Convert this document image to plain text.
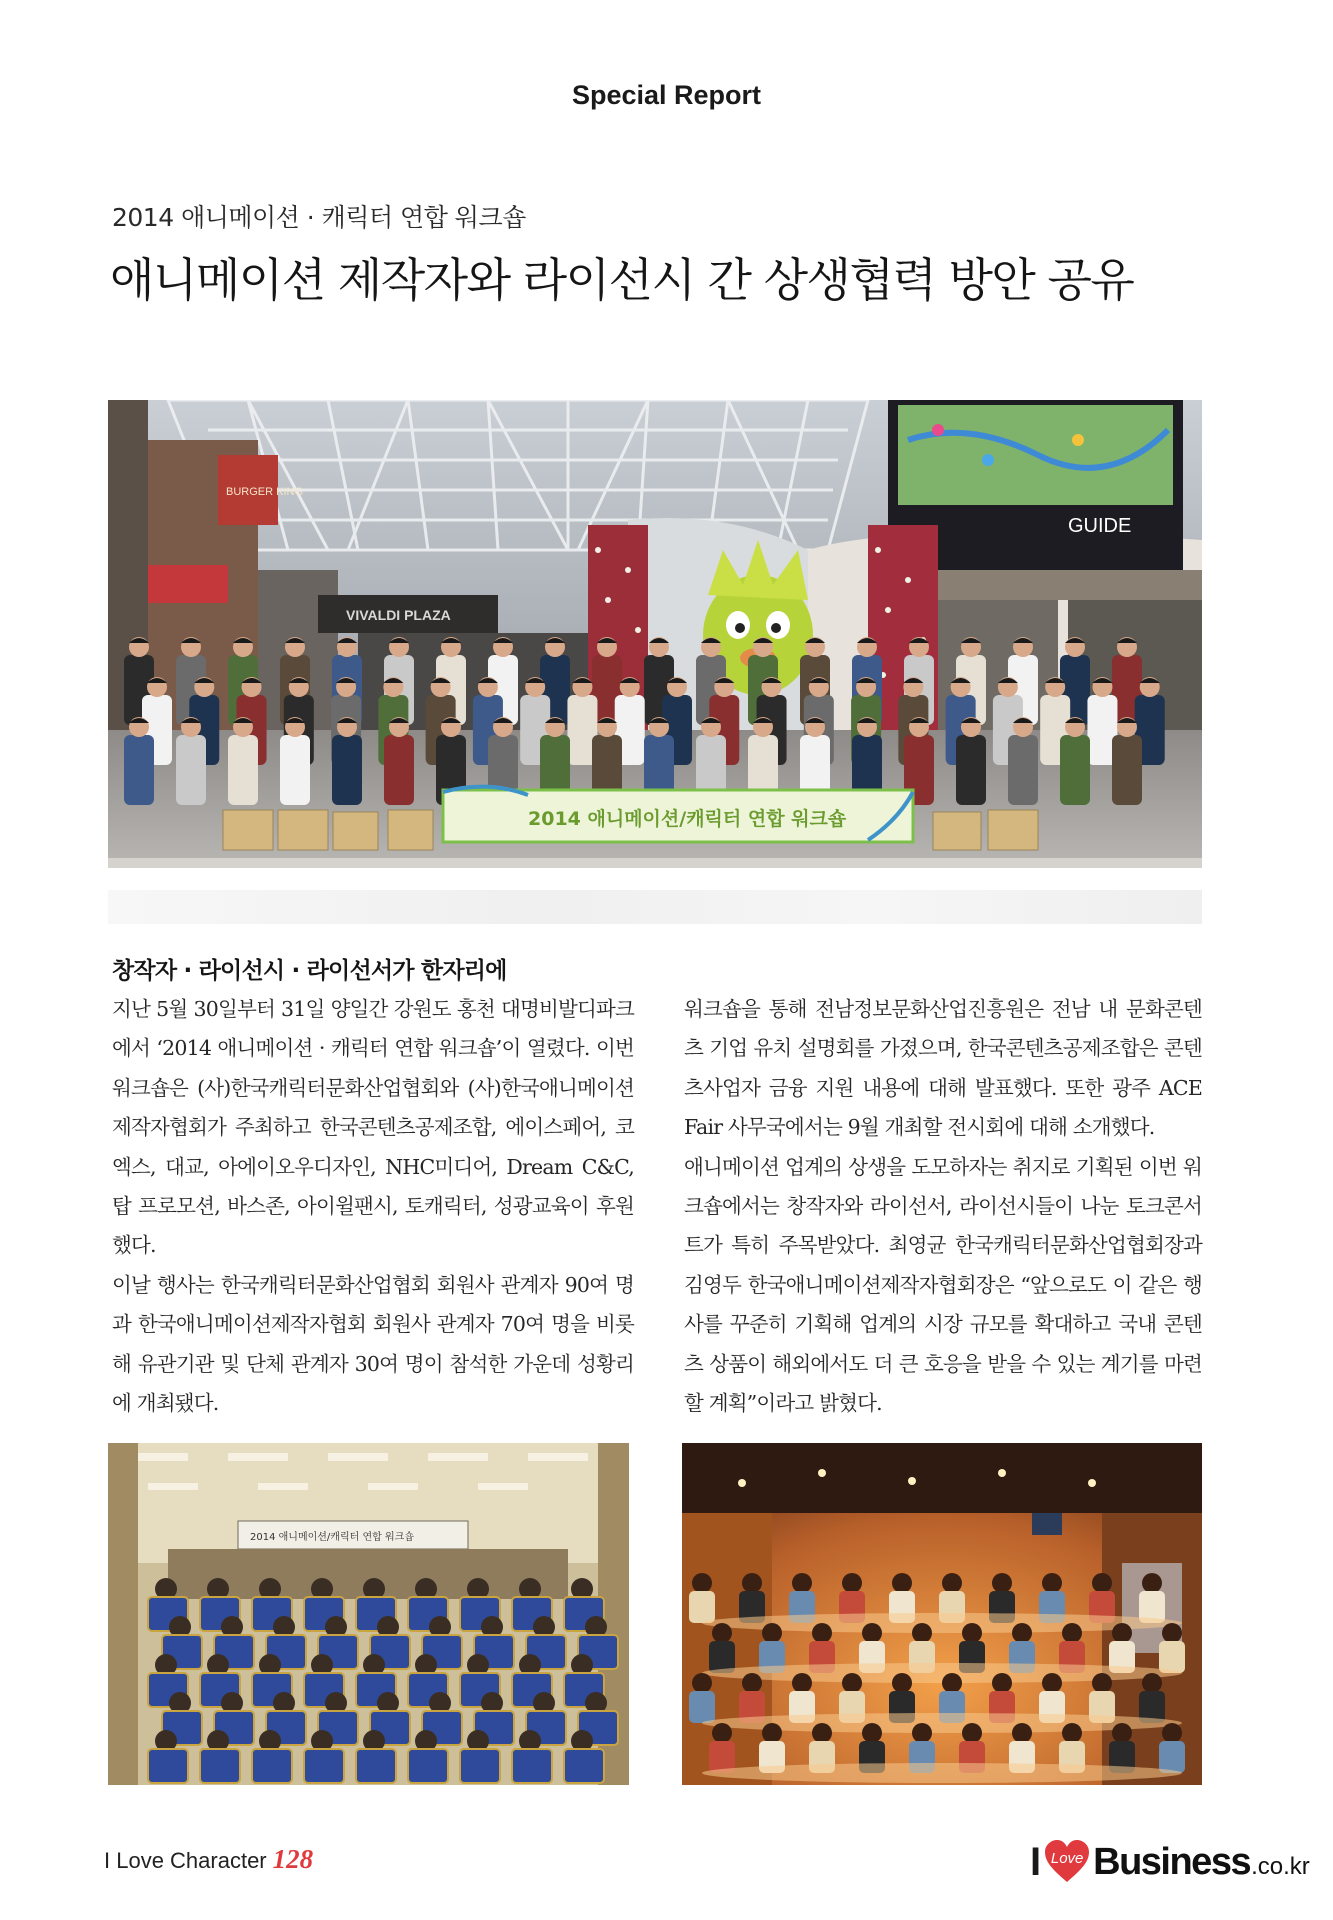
Special Report
2014 애니메이션 · 캐릭터 연합 워크숍
애니메이션 제작자와 라이선시 간 상생협력 방안 공유
BURGER KING
VIVALDI PLAZA
GUIDE
2014 애니메이션/캐릭터 연합 워크숍
창작자 · 라이선시 · 라이선서가 한자리에

지난 5월 30일부터 31일 양일간 강원도 홍천 대명비발디파크에서 ‘2014 애니메이션 · 캐릭터 연합 워크숍’이 열렸다. 이번 워크숍은 (사)한국캐릭터문화산업협회와 (사)한국애니메이션제작자협회가 주최하고 한국콘텐츠공제조합, 에이스페어, 코엑스, 대교, 아에이오우디자인, NHC미디어, Dream C&C, 탑 프로모션, 바스존, 아이윌팬시, 토캐릭터, 성광교육이 후원했다.

이날 행사는 한국캐릭터문화산업협회 회원사 관계자 90여 명과 한국애니메이션제작자협회 회원사 관계자 70여 명을 비롯해 유관기관 및 단체 관계자 30여 명이 참석한 가운데 성황리에 개최됐다.

워크숍을 통해 전남정보문화산업진흥원은 전남 내 문화콘텐츠 기업 유치 설명회를 가졌으며, 한국콘텐츠공제조합은 콘텐츠사업자 금융 지원 내용에 대해 발표했다. 또한 광주 ACE Fair 사무국에서는 9월 개최할 전시회에 대해 소개했다.

애니메이션 업계의 상생을 도모하자는 취지로 기획된 이번 워크숍에서는 창작자와 라이선서, 라이선시들이 나눈 토크콘서트가 특히 주목받았다. 최영균 한국캐릭터문화산업협회장과 김영두 한국애니메이션제작자협회장은 “앞으로도 이 같은 행사를 꾸준히 기획해 업계의 시장 규모를 확대하고 국내 콘텐츠 상품이 해외에서도 더 큰 호응을 받을 수 있는 계기를 마련할 계획”이라고 밝혔다.

2014 애니메이션/캐릭터 연합 워크숍
I Love Character 128	I Love Business .co.kr
